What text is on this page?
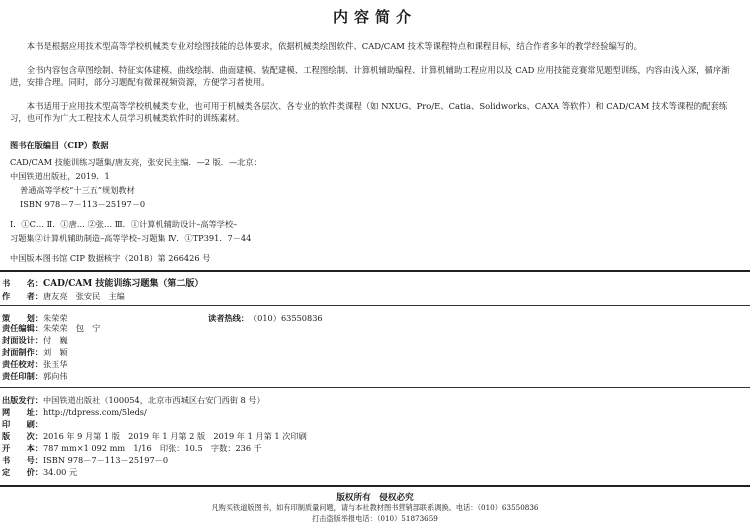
内容简介
本书是根据应用技术型高等学校机械类专业对绘图技能的总体要求，依据机械类绘图软件、CAD/CAM 技术等课程特点和课程目标，结合作者多年的教学经验编写的。
全书内容包含草图绘制、特征实体建模、曲线绘制、曲面建模、装配建模、工程图绘制、计算机辅助编程、计算机辅助工程应用以及 CAD 应用技能竞赛常见题型训练，内容由浅入深，循序渐进，安排合理。同时，部分习题配有微课视频资源，方便学习者使用。
本书适用于应用技术型高等学校机械类专业，也可用于机械类各层次、各专业的软件类课程（如 NXUG、Pro/E、Catia、Solidworks、CAXA 等软件）和 CAD/CAM 技术等课程的配套练习，也可作为广大工程技术人员学习机械类软件时的训练素材。
图书在版编目（CIP）数据
CAD/CAM 技能训练习题集/唐友亮，张安民主编．—2 版．—北京：
中国铁道出版社，2019．1
普通高等学校“十三五”规划教材
ISBN 978－7－113－25197－0
Ⅰ．①C… Ⅱ．①唐… ②张… Ⅲ．①计算机辅助设计–高等学校–
习题集②计算机辅助制造–高等学校–习题集 Ⅳ．①TP391．7－44
中国版本图书馆 CIP 数据核字（2018）第 266426 号
书　　名：CAD/CAM 技能训练习题集（第二版）
作　　者：唐友亮　张安民　主编
策　　划：朱荣荣
责任编辑：朱荣荣　包　宁
封面设计：付　巍
封面制作：刘　颖
责任校对：张玉华
责任印制：郭向伟
读者热线：（010）63550836
出版发行：中国铁道出版社（100054，北京市西城区右安门西街 8 号）
网　　址：http://tdpress.com/5leds/
印　　刷：
版　　次：2016 年 9 月第 1 版　2019 年 1 月第 2 版　2019 年 1 月第 1 次印刷
开　　本：787 mm×1 092 mm　1/16　印张：10.5　字数：236 千
书　　号：ISBN 978－7－113－25197－0
定　　价：34.00 元
版权所有　侵权必究
凡购买铁道版图书，如有印制质量问题，请与本社教材图书营销部联系调换。电话：（010）63550836
打击盗版举报电话：（010）51873659
